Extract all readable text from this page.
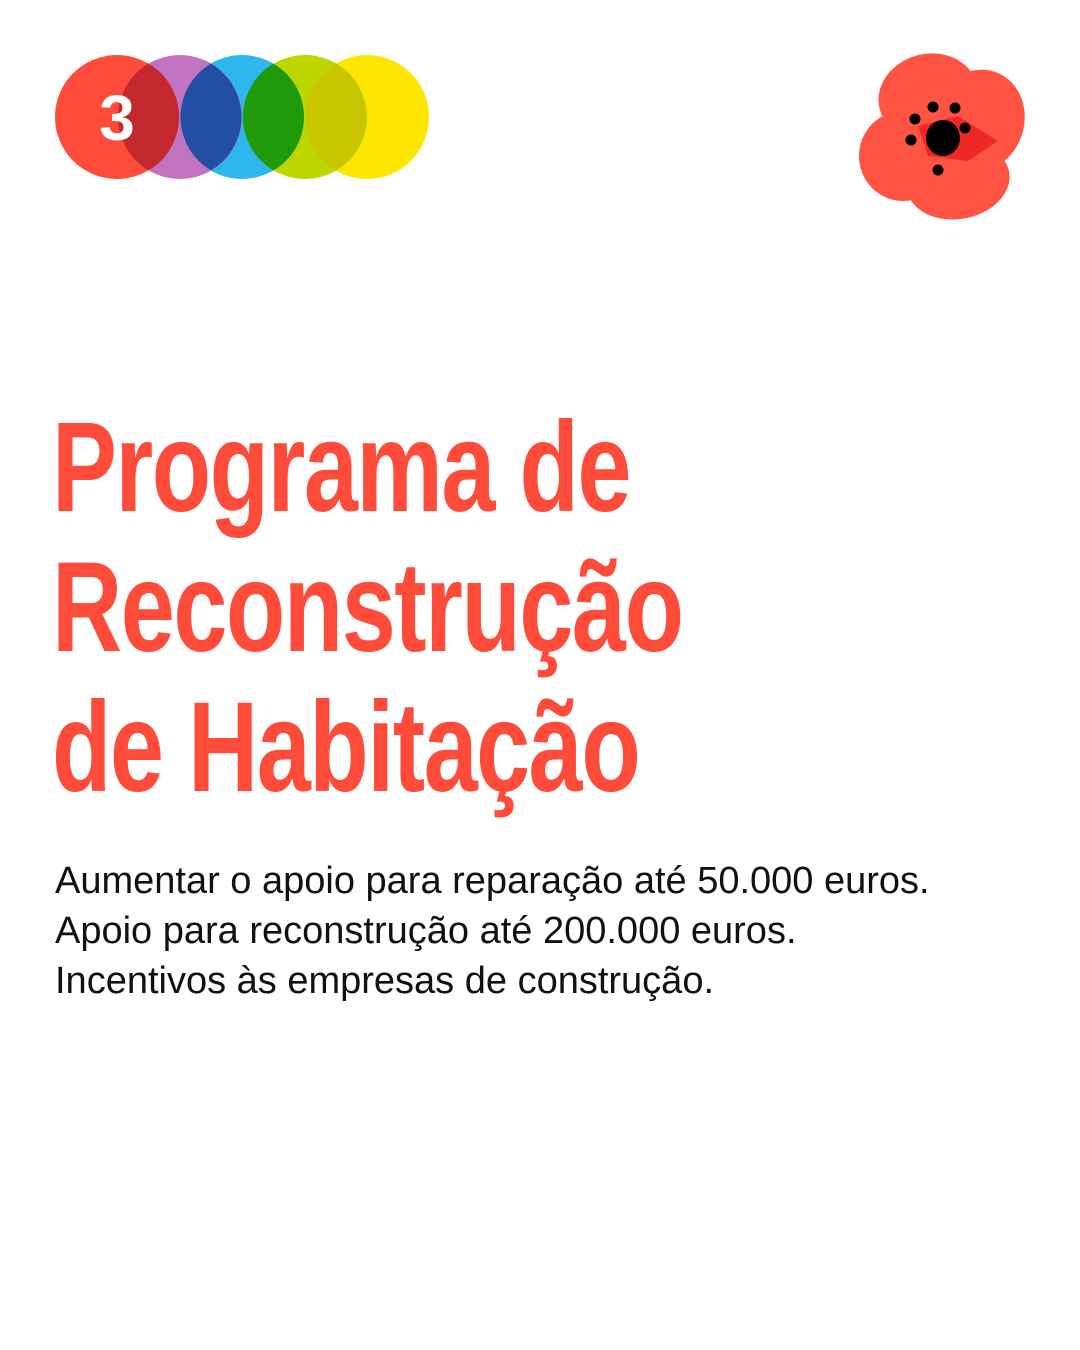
3
Programa de
Reconstrução
de Habitação

Aumentar o apoio para reparação até 50.000 euros.
Apoio para reconstrução até 200.000 euros.
Incentivos às empresas de construção.
